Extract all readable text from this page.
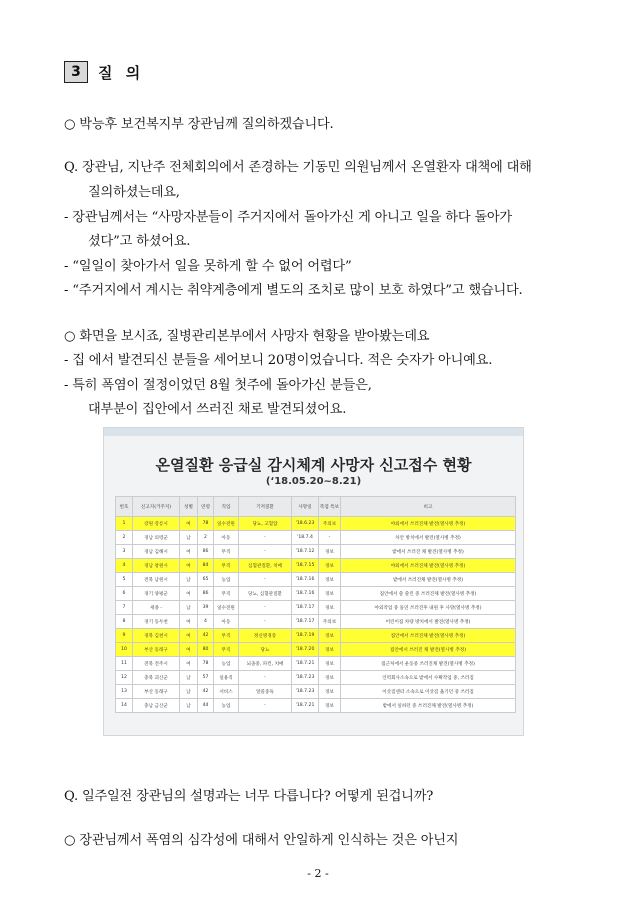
3	질 의
○ 박능후 보건복지부 장관님께 질의하겠습니다.
Q. 장관님, 지난주 전체회의에서 존경하는 기동민 의원님께서 온열환자 대책에 대해
질의하셨는데요,
- 장관님께서는 “사망자분들이 주거지에서 돌아가신 게 아니고 일을 하다 돌아가
셨다”고 하셨어요.
- “일일이 찾아가서 일을 못하게 할 수 없어 어렵다”
- “주거지에서 계시는 취약계층에게 별도의 조치로 많이 보호 하였다”고 했습니다.
○ 화면을 보시죠, 질병관리본부에서 사망자 현황을 받아봤는데요
- 집 에서 발견되신 분들을 세어보니 20명이었습니다. 적은 숫자가 아니예요.
- 특히 폭염이 절정이었던 8월 첫주에 돌아가신 분들은,
대부분이 집안에서 쓰러진 채로 발견되셨어요.
온열질환 응급실 감시체계 사망자 신고접수 현황
(‘18.05.20~8.21)
번호	신고지(거주지)	성별	연령	직업	기저질환	사망일	폭염 특보	비고
1	강원 강릉시	여	78	일수전원	당뇨, 고혈압	'18.6.23	주의보	야외에서 쓰러진채 발견(열사병 추정)
2	경남 의령군	남	2	아동	-	'18.7.4	-	차안 방치에서 발견(열사병 추정)
3	경남 김해시	여	86	무직	-	'18.7.12	경보	밭에서 쓰러진 채 발견(열사병 추정)
4	경남 창원시	여	84	무직	심혈관질환, 치매	'18.7.15	경보	야외에서 쓰러진채 발견(열사병 추정)
5	전북 남원시	남	65	농업	-	'18.7.16	경보	밭에서 쓰러진채 발견(열사병 추정)
6	경기 양평군	여	86	무직	당뇨, 심혈관질환	'18.7.16	경보	집안에서 쓸 쓸린 중 쓰러진채 발견(열사병 추정)
7	세종 -	남	39	일수전원	-	'18.7.17	경보	야외작업 중 돌연 쓰러진후 내원 후 사망(열사병 추정)
8	경기 동두천	여	4	아동	-	'18.7.17	주의보	어린이집 차량 방치에서 발견(열사병 추정)
9	경북 김천시	여	42	무직	정신병경증	'18.7.19	경보	집안에서 쓰러진채 발견(열사병 추정)
10	부산 동래구	여	80	무직	당뇨	'18.7.20	경보	집안에서 쓰러진 채 발견(열사병 추정)
11	전북 전주시	여	78	농업	뇌졸중, 파킨, 치매	'18.7.21	경보	집근처에서 운동중 쓰러진채 발견(열사병 추정)
12	충북 괴산군	남	57	일용직	-	'18.7.23	경보	인력회사소속으로 밭에서 수확작업 중, 쓰러짐
13	부산 동래구	남	42	서비스	알콜중독	'18.7.23	경보	이삿짐센터 소속으로 이삿짐 옮기던 중 쓰러짐
14	충남 금산군	남	44	농업	-	'18.7.21	경보	밭에서 일하던 중 쓰러진채 발견(열사병 추정)
Q. 일주일전 장관님의 설명과는 너무 다릅니다? 어떻게 된겁니까?
○ 장관님께서 폭염의 심각성에 대해서 안일하게 인식하는 것은 아닌지
- 2 -
